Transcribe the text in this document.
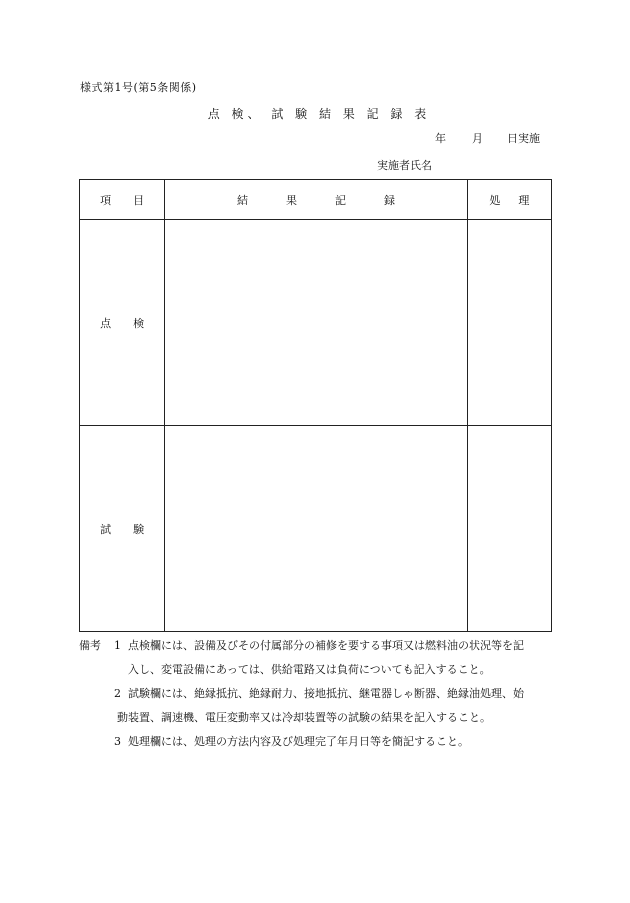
様式第1号(第5条関係)
点 検、 試 験 結 果 記 録 表
年 月 日実施
実施者氏名
項目	結果記録	処理
点検		
試験		
備考 1 点検欄には、設備及びその付属部分の補修を要する事項又は燃料油の状況等を記
入し、変電設備にあっては、供給電路又は負荷についても記入すること。
2 試験欄には、絶縁抵抗、絶縁耐力、接地抵抗、継電器しゃ断器、絶縁油処理、始
動装置、調速機、電圧変動率又は冷却装置等の試験の結果を記入すること。
3 処理欄には、処理の方法内容及び処理完了年月日等を簡記すること。
